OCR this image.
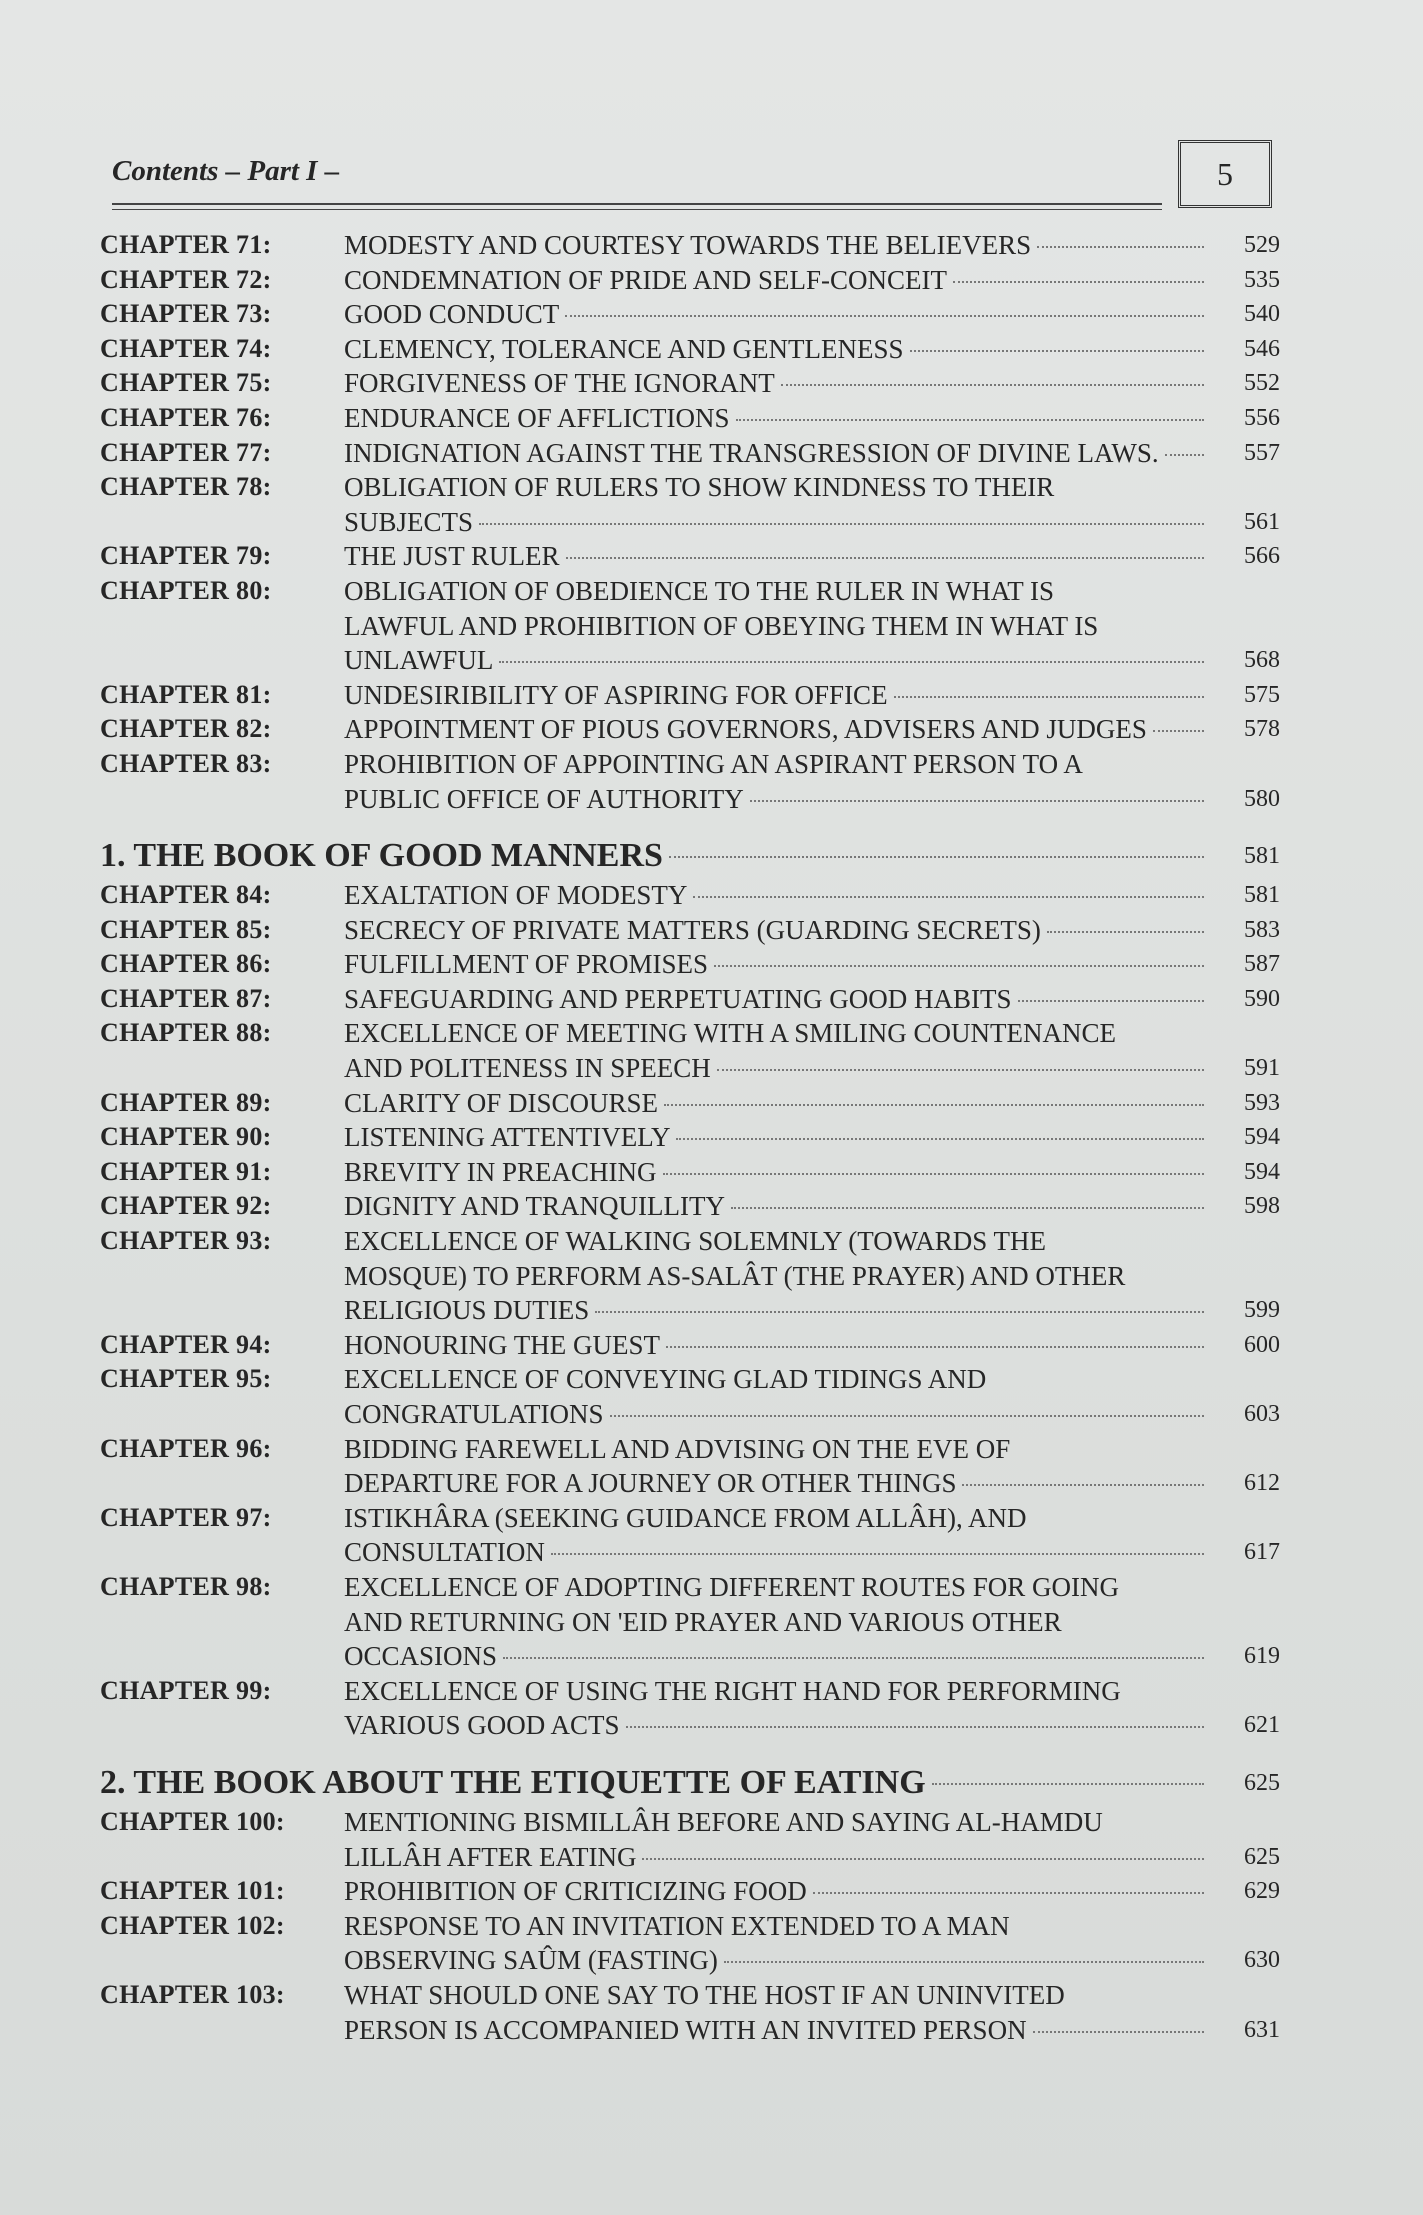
Contents – Part I –	5
CHAPTER 71:	MODESTY AND COURTESY TOWARDS THE BELIEVERS	529
CHAPTER 72:	CONDEMNATION OF PRIDE AND SELF-CONCEIT	535
CHAPTER 73:	GOOD CONDUCT	540
CHAPTER 74:	CLEMENCY, TOLERANCE AND GENTLENESS	546
CHAPTER 75:	FORGIVENESS OF THE IGNORANT	552
CHAPTER 76:	ENDURANCE OF AFFLICTIONS	556
CHAPTER 77:	INDIGNATION AGAINST THE TRANSGRESSION OF DIVINE LAWS.	557
CHAPTER 78:	OBLIGATION OF RULERS TO SHOW KINDNESS TO THEIR
SUBJECTS	561
CHAPTER 79:	THE JUST RULER	566
CHAPTER 80:	OBLIGATION OF OBEDIENCE TO THE RULER IN WHAT IS
LAWFUL AND PROHIBITION OF OBEYING THEM IN WHAT IS
UNLAWFUL	568
CHAPTER 81:	UNDESIRIBILITY OF ASPIRING FOR OFFICE	575
CHAPTER 82:	APPOINTMENT OF PIOUS GOVERNORS, ADVISERS AND JUDGES	578
CHAPTER 83:	PROHIBITION OF APPOINTING AN ASPIRANT PERSON TO A
PUBLIC OFFICE OF AUTHORITY	580
1. THE BOOK OF GOOD MANNERS	581
CHAPTER 84:	EXALTATION OF MODESTY	581
CHAPTER 85:	SECRECY OF PRIVATE MATTERS (GUARDING SECRETS)	583
CHAPTER 86:	FULFILLMENT OF PROMISES	587
CHAPTER 87:	SAFEGUARDING AND PERPETUATING GOOD HABITS	590
CHAPTER 88:	EXCELLENCE OF MEETING WITH A SMILING COUNTENANCE
AND POLITENESS IN SPEECH	591
CHAPTER 89:	CLARITY OF DISCOURSE	593
CHAPTER 90:	LISTENING ATTENTIVELY	594
CHAPTER 91:	BREVITY IN PREACHING	594
CHAPTER 92:	DIGNITY AND TRANQUILLITY	598
CHAPTER 93:	EXCELLENCE OF WALKING SOLEMNLY (TOWARDS THE
MOSQUE) TO PERFORM AS-SALÂT (THE PRAYER) AND OTHER
RELIGIOUS DUTIES	599
CHAPTER 94:	HONOURING THE GUEST	600
CHAPTER 95:	EXCELLENCE OF CONVEYING GLAD TIDINGS AND
CONGRATULATIONS	603
CHAPTER 96:	BIDDING FAREWELL AND ADVISING ON THE EVE OF
DEPARTURE FOR A JOURNEY OR OTHER THINGS	612
CHAPTER 97:	ISTIKHÂRA (SEEKING GUIDANCE FROM ALLÂH), AND
CONSULTATION	617
CHAPTER 98:	EXCELLENCE OF ADOPTING DIFFERENT ROUTES FOR GOING
AND RETURNING ON 'EID PRAYER AND VARIOUS OTHER
OCCASIONS	619
CHAPTER 99:	EXCELLENCE OF USING THE RIGHT HAND FOR PERFORMING
VARIOUS GOOD ACTS	621
2. THE BOOK ABOUT THE ETIQUETTE OF EATING	625
CHAPTER 100:	MENTIONING BISMILLÂH BEFORE AND SAYING AL-HAMDU
LILLÂH AFTER EATING	625
CHAPTER 101:	PROHIBITION OF CRITICIZING FOOD	629
CHAPTER 102:	RESPONSE TO AN INVITATION EXTENDED TO A MAN
OBSERVING SAÛM (FASTING)	630
CHAPTER 103:	WHAT SHOULD ONE SAY TO THE HOST IF AN UNINVITED
PERSON IS ACCOMPANIED WITH AN INVITED PERSON	631
